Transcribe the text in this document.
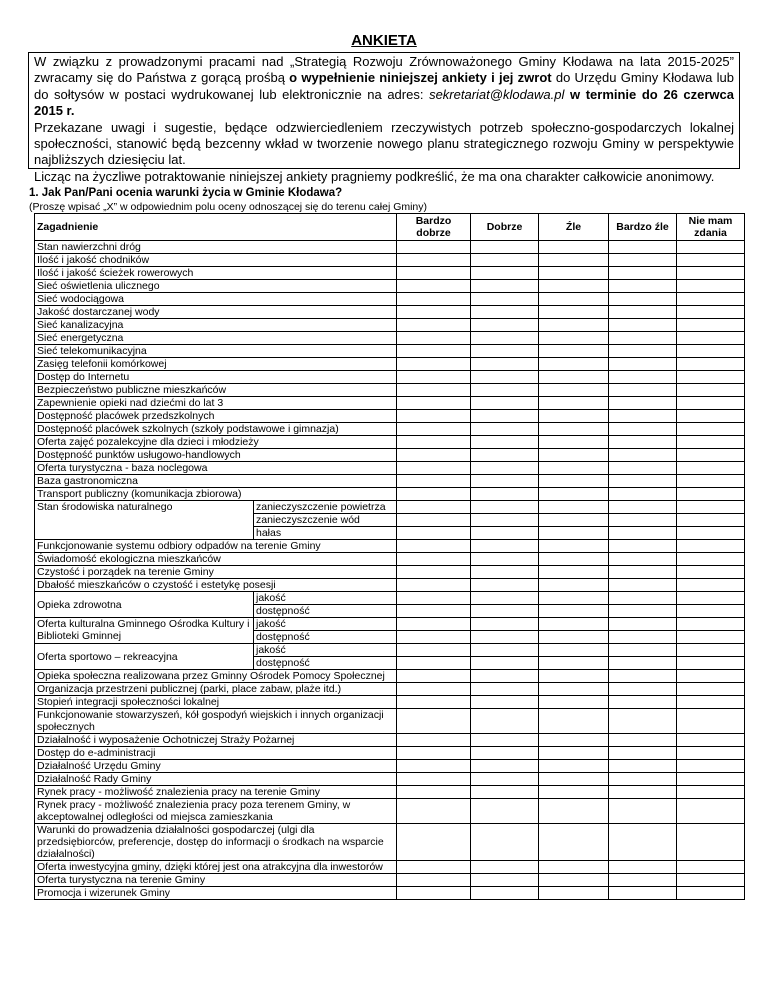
ANKIETA

W związku z prowadzonymi pracami nad „Strategią Rozwoju Zrównoważonego Gminy Kłodawa na lata 2015-2025” zwracamy się do Państwa z gorącą prośbą o wypełnienie niniejszej ankiety i jej zwrot do Urzędu Gminy Kłodawa lub do sołtysów w postaci wydrukowanej lub elektronicznie na adres: sekretariat@klodawa.pl w terminie do 26 czerwca 2015 r.

Przekazane uwagi i sugestie, będące odzwierciedleniem rzeczywistych potrzeb społeczno-gospodarczych lokalnej społeczności, stanowić będą bezcenny wkład w tworzenie nowego planu strategicznego rozwoju Gminy w perspektywie najbliższych dziesięciu lat.

Licząc na życzliwe potraktowanie niniejszej ankiety pragniemy podkreślić, że ma ona charakter całkowicie anonimowy.

1. Jak Pan/Pani ocenia warunki życia w Gminie Kłodawa?
(Proszę wpisać „X” w odpowiednim polu oceny odnoszącej się do terenu całej Gminy)
Zagadnienie		Bardzo dobrze	Dobrze	Źle	Bardzo źle	Nie mam zdania
Stan nawierzchni dróg						
Ilość i jakość chodników						
Ilość i jakość ścieżek rowerowych						
Sieć oświetlenia ulicznego						
Sieć wodociągowa						
Jakość dostarczanej wody						
Sieć kanalizacyjna						
Sieć energetyczna						
Sieć telekomunikacyjna						
Zasięg telefonii komórkowej						
Dostęp do Internetu						
Bezpieczeństwo publiczne mieszkańców						
Zapewnienie opieki nad dziećmi do lat 3						
Dostępność placówek przedszkolnych						
Dostępność placówek szkolnych (szkoły podstawowe i gimnazja)						
Oferta zajęć pozalekcyjne dla dzieci i młodzieży						
Dostępność punktów usługowo-handlowych						
Oferta turystyczna - baza noclegowa						
Baza gastronomiczna						
Transport publiczny (komunikacja zbiorowa)						
Stan środowiska naturalnego	zanieczyszczenie powietrza					
	zanieczyszczenie wód					
	hałas					
Funkcjonowanie systemu odbiory odpadów na terenie Gminy						
Świadomość ekologiczna mieszkańców						
Czystość i porządek na terenie Gminy						
Dbałość mieszkańców o czystość i estetykę posesji						
Opieka zdrowotna	jakość					
	dostępność					
Oferta kulturalna Gminnego Ośrodka Kultury i Biblioteki Gminnej	jakość					
	dostępność					
Oferta sportowo – rekreacyjna	jakość					
	dostępność					
Opieka społeczna realizowana przez Gminny Ośrodek Pomocy Społecznej						
Organizacja przestrzeni publicznej (parki, place zabaw, plaże itd.)						
Stopień integracji społeczności lokalnej						
Funkcjonowanie stowarzyszeń, kół gospodyń wiejskich i innych organizacji społecznych						
Działalność i wyposażenie Ochotniczej Straży Pożarnej						
Dostęp do e-administracji						
Działalność Urzędu Gminy						
Działalność Rady Gminy						
Rynek pracy - możliwość znalezienia pracy na terenie Gminy						
Rynek pracy - możliwość znalezienia pracy poza terenem Gminy, w akceptowalnej odległości od miejsca zamieszkania						
Warunki do prowadzenia działalności gospodarczej (ulgi dla przedsiębiorców, preferencje, dostęp do informacji o środkach na wsparcie działalności)						
Oferta inwestycyjna gminy, dzięki której jest ona atrakcyjna dla inwestorów						
Oferta turystyczna na terenie Gminy						
Promocja i wizerunek Gminy						
